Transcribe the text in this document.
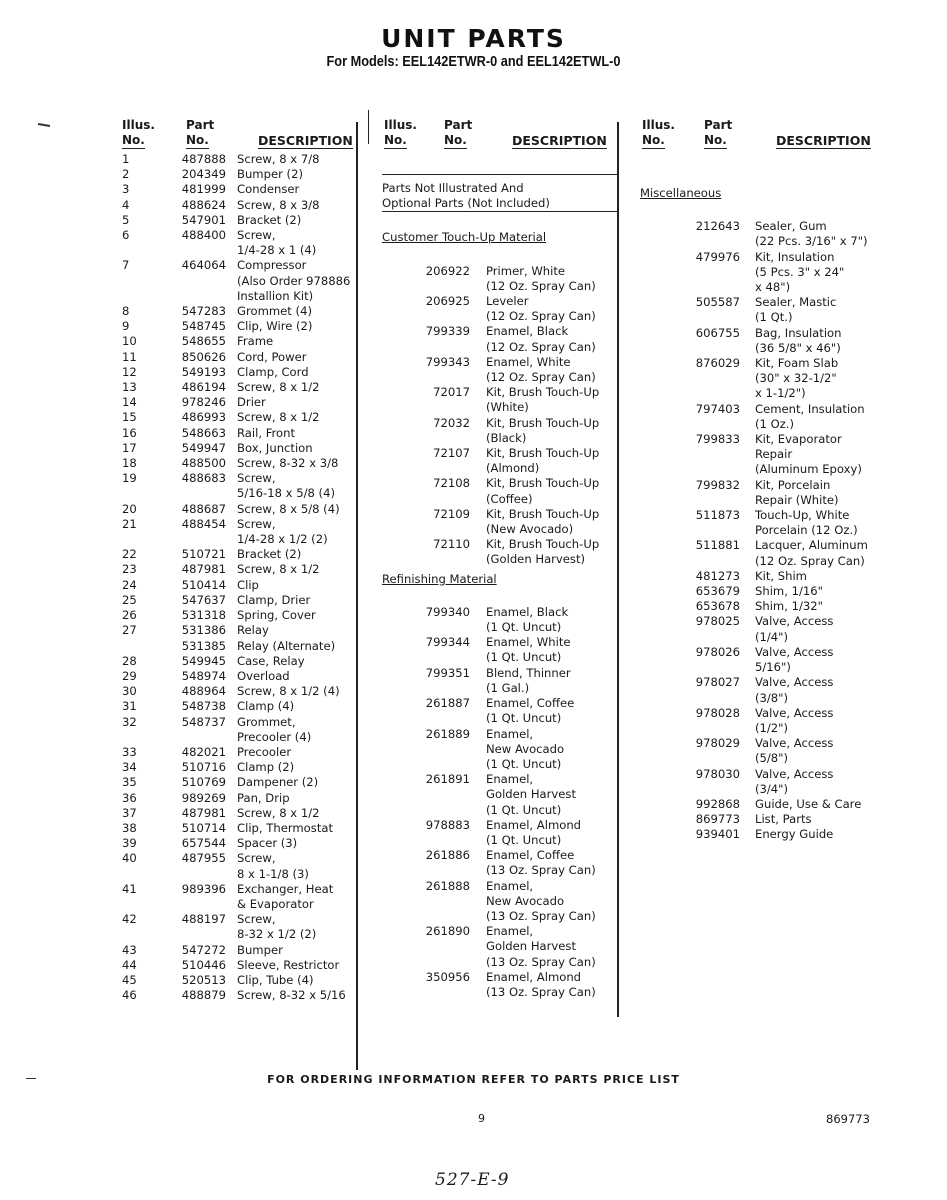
UNIT PARTS
For Models: EEL142ETWR-0 and EEL142ETWL-0
Illus.
No.
Part
No.	DESCRIPTION
1	487888 Screw, 8 x 7/8
2	204349 Bumper (2)
3	481999 Condenser
4	488624 Screw, 8 x 3/8
5	547901 Bracket (2)
6	488400 Screw,
1/4-28 x 1 (4)
7	464064 Compressor
(Also Order 978886
Installion Kit)
8	547283 Grommet (4)
9	548745 Clip, Wire (2)
10	548655 Frame
11	850626 Cord, Power
12	549193 Clamp, Cord
13	486194 Screw, 8 x 1/2
14	978246 Drier
15	486993 Screw, 8 x 1/2
16	548663 Rail, Front
17	549947 Box, Junction
18	488500 Screw, 8-32 x 3/8
19	488683 Screw,
5/16-18 x 5/8 (4)
20	488687 Screw, 8 x 5/8 (4)
21	488454 Screw,
1/4-28 x 1/2 (2)
22	510721 Bracket (2)
23	487981 Screw, 8 x 1/2
24	510414 Clip
25	547637 Clamp, Drier
26	531318 Spring, Cover
27	531386 Relay
531385 Relay (Alternate)
28	549945 Case, Relay
29	548974 Overload
30	488964 Screw, 8 x 1/2 (4)
31	548738 Clamp (4)
32	548737 Grommet,
Precooler (4)
33	482021 Precooler
34	510716 Clamp (2)
35	510769 Dampener (2)
36	989269 Pan, Drip
37	487981 Screw, 8 x 1/2
38	510714 Clip, Thermostat
39	657544 Spacer (3)
40	487955 Screw,
8 x 1-1/8 (3)
41	989396 Exchanger, Heat
& Evaporator
42	488197 Screw,
8-32 x 1/2 (2)
43	547272 Bumper
44	510446 Sleeve, Restrictor
45	520513 Clip, Tube (4)
46	488879 Screw, 8-32 x 5/16
Illus.
No.
Part
No.	DESCRIPTION
Parts Not Illustrated And
Optional Parts (Not Included)
Customer Touch-Up Material
206922	Primer, White
(12 Oz. Spray Can)
206925	Leveler
(12 Oz. Spray Can)
799339	Enamel, Black
(12 Oz. Spray Can)
799343	Enamel, White
(12 Oz. Spray Can)
72017	Kit, Brush Touch-Up
(White)
72032	Kit, Brush Touch-Up
(Black)
72107	Kit, Brush Touch-Up
(Almond)
72108	Kit, Brush Touch-Up
(Coffee)
72109	Kit, Brush Touch-Up
(New Avocado)
72110	Kit, Brush Touch-Up
(Golden Harvest)
Refinishing Material
799340	Enamel, Black
(1 Qt. Uncut)
799344	Enamel, White
(1 Qt. Uncut)
799351	Blend, Thinner
(1 Gal.)
261887	Enamel, Coffee
(1 Qt. Uncut)
261889	Enamel,
New Avocado
(1 Qt. Uncut)
261891	Enamel,
Golden Harvest
(1 Qt. Uncut)
978883	Enamel, Almond
(1 Qt. Uncut)
261886	Enamel, Coffee
(13 Oz. Spray Can)
261888	Enamel,
New Avocado
(13 Oz. Spray Can)
261890	Enamel,
Golden Harvest
(13 Oz. Spray Can)
350956	Enamel, Almond
(13 Oz. Spray Can)
Illus.
No.
Part
No.	DESCRIPTION
Miscellaneous
212643	Sealer, Gum
(22 Pcs. 3/16" x 7")
479976	Kit, Insulation
(5 Pcs. 3" x 24"
x 48")
505587	Sealer, Mastic
(1 Qt.)
606755	Bag, Insulation
(36 5/8" x 46")
876029	Kit, Foam Slab
(30" x 32-1/2"
x 1-1/2")
797403	Cement, Insulation
(1 Oz.)
799833	Kit, Evaporator
Repair
(Aluminum Epoxy)
799832	Kit, Porcelain
Repair (White)
511873	Touch-Up, White
Porcelain (12 Oz.)
511881	Lacquer, Aluminum
(12 Oz. Spray Can)
481273	Kit, Shim
653679	Shim, 1/16"
653678	Shim, 1/32"
978025	Valve, Access
(1/4")
978026	Valve, Access
5/16")
978027	Valve, Access
(3/8")
978028	Valve, Access
(1/2")
978029	Valve, Access
(5/8")
978030	Valve, Access
(3/4")
992868	Guide, Use & Care
869773	List, Parts
939401	Energy Guide
FOR ORDERING INFORMATION REFER TO PARTS PRICE LIST
9	869773
527-E-9
